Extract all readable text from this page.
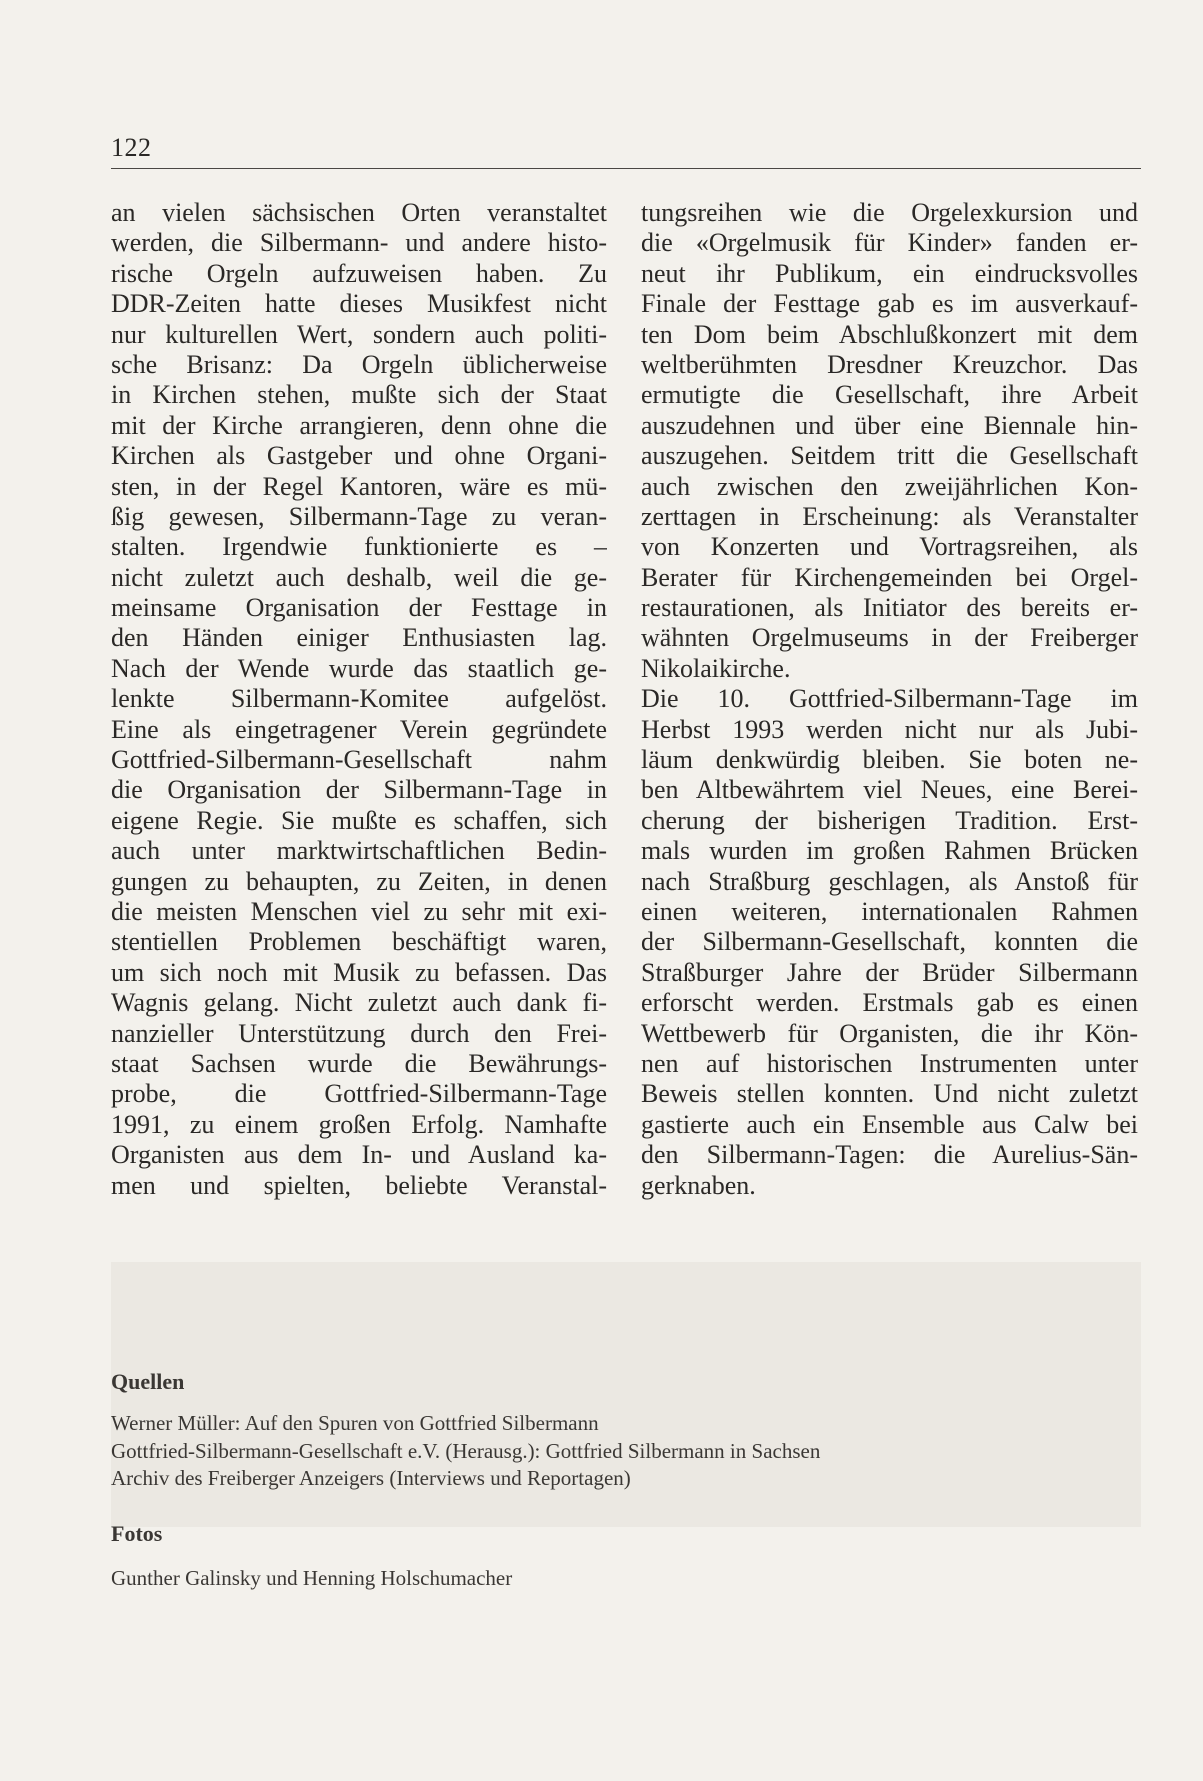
122
an vielen sächsischen Orten veranstaltet
werden, die Silbermann- und andere histo-
rische Orgeln aufzuweisen haben. Zu
DDR-Zeiten hatte dieses Musikfest nicht
nur kulturellen Wert, sondern auch politi-
sche Brisanz: Da Orgeln üblicherweise
in Kirchen stehen, mußte sich der Staat
mit der Kirche arrangieren, denn ohne die
Kirchen als Gastgeber und ohne Organi-
sten, in der Regel Kantoren, wäre es mü-
ßig gewesen, Silbermann-Tage zu veran-
stalten. Irgendwie funktionierte es –
nicht zuletzt auch deshalb, weil die ge-
meinsame Organisation der Festtage in
den Händen einiger Enthusiasten lag.
Nach der Wende wurde das staatlich ge-
lenkte Silbermann-Komitee aufgelöst.
Eine als eingetragener Verein gegründete
Gottfried-Silbermann-Gesellschaft nahm
die Organisation der Silbermann-Tage in
eigene Regie. Sie mußte es schaffen, sich
auch unter marktwirtschaftlichen Bedin-
gungen zu behaupten, zu Zeiten, in denen
die meisten Menschen viel zu sehr mit exi-
stentiellen Problemen beschäftigt waren,
um sich noch mit Musik zu befassen. Das
Wagnis gelang. Nicht zuletzt auch dank fi-
nanzieller Unterstützung durch den Frei-
staat Sachsen wurde die Bewährungs-
probe, die Gottfried-Silbermann-Tage
1991, zu einem großen Erfolg. Namhafte
Organisten aus dem In- und Ausland ka-
men und spielten, beliebte Veranstal-
tungsreihen wie die Orgelexkursion und
die «Orgelmusik für Kinder» fanden er-
neut ihr Publikum, ein eindrucksvolles
Finale der Festtage gab es im ausverkauf-
ten Dom beim Abschlußkonzert mit dem
weltberühmten Dresdner Kreuzchor. Das
ermutigte die Gesellschaft, ihre Arbeit
auszudehnen und über eine Biennale hin-
auszugehen. Seitdem tritt die Gesellschaft
auch zwischen den zweijährlichen Kon-
zerttagen in Erscheinung: als Veranstalter
von Konzerten und Vortragsreihen, als
Berater für Kirchengemeinden bei Orgel-
restaurationen, als Initiator des bereits er-
wähnten Orgelmuseums in der Freiberger
Nikolaikirche.
Die 10. Gottfried-Silbermann-Tage im
Herbst 1993 werden nicht nur als Jubi-
läum denkwürdig bleiben. Sie boten ne-
ben Altbewährtem viel Neues, eine Berei-
cherung der bisherigen Tradition. Erst-
mals wurden im großen Rahmen Brücken
nach Straßburg geschlagen, als Anstoß für
einen weiteren, internationalen Rahmen
der Silbermann-Gesellschaft, konnten die
Straßburger Jahre der Brüder Silbermann
erforscht werden. Erstmals gab es einen
Wettbewerb für Organisten, die ihr Kön-
nen auf historischen Instrumenten unter
Beweis stellen konnten. Und nicht zuletzt
gastierte auch ein Ensemble aus Calw bei
den Silbermann-Tagen: die Aurelius-Sän-
gerknaben.
Quellen
Werner Müller: Auf den Spuren von Gottfried Silbermann
Gottfried-Silbermann-Gesellschaft e.V. (Herausg.): Gottfried Silbermann in Sachsen
Archiv des Freiberger Anzeigers (Interviews und Reportagen)
Fotos
Gunther Galinsky und Henning Holschumacher
